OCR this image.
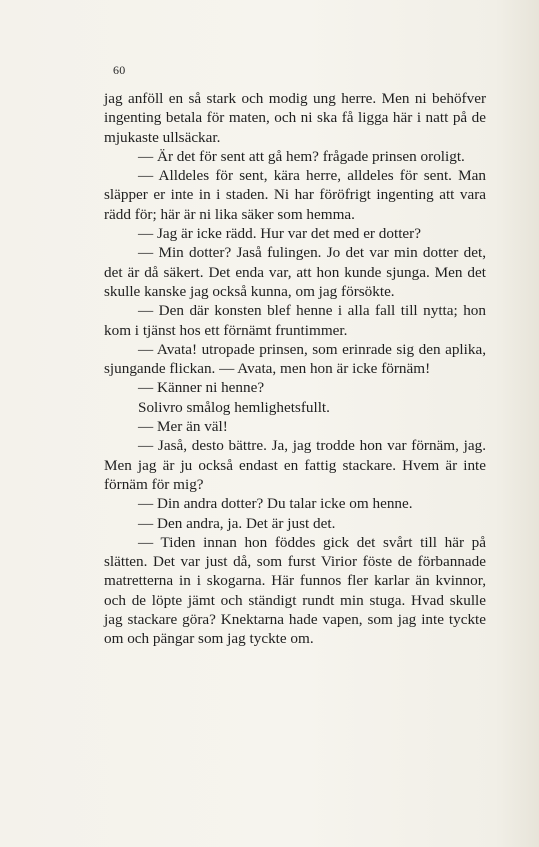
60

jag anföll en så stark och modig ung herre. Men ni behöfver ingenting betala för maten, och ni ska få ligga här i natt på de mjukaste ullsäckar.

— Är det för sent att gå hem? frågade prinsen oroligt.

— Alldeles för sent, kära herre, alldeles för sent. Man släpper er inte in i staden. Ni har föröfrigt ingenting att vara rädd för; här är ni lika säker som hemma.

— Jag är icke rädd. Hur var det med er dotter?

— Min dotter? Jaså fulingen. Jo det var min dotter det, det är då säkert. Det enda var, att hon kunde sjunga. Men det skulle kanske jag också kunna, om jag försökte.

— Den där konsten blef henne i alla fall till nytta; hon kom i tjänst hos ett förnämt fruntimmer.

— Avata! utropade prinsen, som erinrade sig den aplika, sjungande flickan. — Avata, men hon är icke förnäm!

— Känner ni henne?

Solivro smålog hemlighetsfullt.

— Mer än väl!

— Jaså, desto bättre. Ja, jag trodde hon var förnäm, jag. Men jag är ju också endast en fattig stackare. Hvem är inte förnäm för mig?

— Din andra dotter? Du talar icke om henne.

— Den andra, ja. Det är just det.

— Tiden innan hon föddes gick det svårt till här på slätten. Det var just då, som furst Virior föste de förbannade matretterna in i skogarna. Här funnos fler karlar än kvinnor, och de löpte jämt och ständigt rundt min stuga. Hvad skulle jag stackare göra? Knektarna hade vapen, som jag inte tyckte om och pängar som jag tyckte om.
